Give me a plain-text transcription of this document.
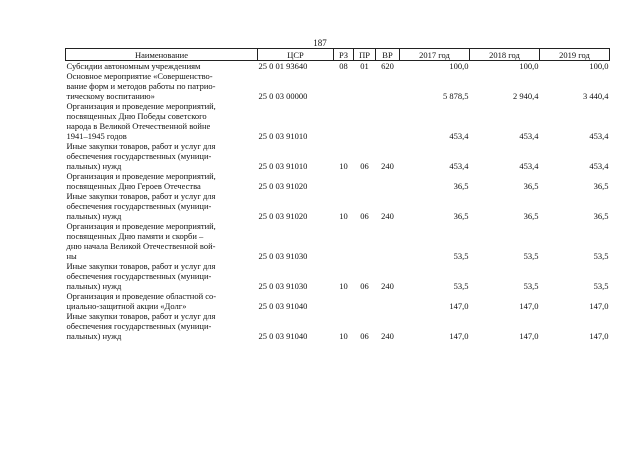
187
Наименование	ЦСР	РЗ	ПР	ВР	2017 год	2018 год	2019 год

Субсидии автономным учреждениям	25 0 01 93640	08	01	620	100,0	100,0	100,0

Основное мероприятие «Совершенство-
вание форм и методов работы по патрио-
тическому воспитанию»	25 0 03 00000				5 878,5	2 940,4	3 440,4

Организация и проведение мероприятий,
посвященных Дню Победы советского
народа в Великой Отечественной войне
1941–1945 годов	25 0 03 91010				453,4	453,4	453,4

Иные закупки товаров, работ и услуг для
обеспечения государственных (муници-
пальных) нужд	25 0 03 91010	10	06	240	453,4	453,4	453,4

Организация и проведение мероприятий,
посвященных Дню Героев Отечества	25 0 03 91020				36,5	36,5	36,5

Иные закупки товаров, работ и услуг для
обеспечения государственных (муници-
пальных) нужд	25 0 03 91020	10	06	240	36,5	36,5	36,5

Организация и проведение мероприятий,
посвященных Дню памяти и скорби –
дню начала Великой Отечественной вой-
ны	25 0 03 91030				53,5	53,5	53,5

Иные закупки товаров, работ и услуг для
обеспечения государственных (муници-
пальных) нужд	25 0 03 91030	10	06	240	53,5	53,5	53,5

Организация и проведение областной со-
циально-защитной акции «Долг»	25 0 03 91040				147,0	147,0	147,0

Иные закупки товаров, работ и услуг для
обеспечения государственных (муници-
пальных) нужд	25 0 03 91040	10	06	240	147,0	147,0	147,0
